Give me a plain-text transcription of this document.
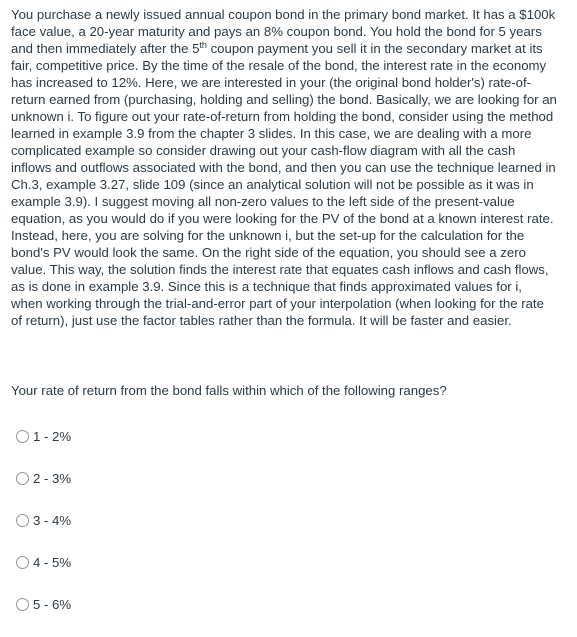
You purchase a newly issued annual coupon bond in the primary bond market. It has a $100k face value, a 20-year maturity and pays an 8% coupon bond. You hold the bond for 5 years and then immediately after the 5th coupon payment you sell it in the secondary market at its fair, competitive price. By the time of the resale of the bond, the interest rate in the economy has increased to 12%. Here, we are interested in your (the original bond holder's) rate-of-return earned from (purchasing, holding and selling) the bond. Basically, we are looking for an unknown i. To figure out your rate-of-return from holding the bond, consider using the method learned in example 3.9 from the chapter 3 slides. In this case, we are dealing with a more complicated example so consider drawing out your cash-flow diagram with all the cash inflows and outflows associated with the bond, and then you can use the technique learned in Ch.3, example 3.27, slide 109 (since an analytical solution will not be possible as it was in example 3.9). I suggest moving all non-zero values to the left side of the present-value equation, as you would do if you were looking for the PV of the bond at a known interest rate. Instead, here, you are solving for the unknown i, but the set-up for the calculation for the bond's PV would look the same. On the right side of the equation, you should see a zero value. This way, the solution finds the interest rate that equates cash inflows and cash flows, as is done in example 3.9. Since this is a technique that finds approximated values for i, when working through the trial-and-error part of your interpolation (when looking for the rate of return), just use the factor tables rather than the formula. It will be faster and easier.

Your rate of return from the bond falls within which of the following ranges?

1 - 2%
2 - 3%
3 - 4%
4 - 5%
5 - 6%
